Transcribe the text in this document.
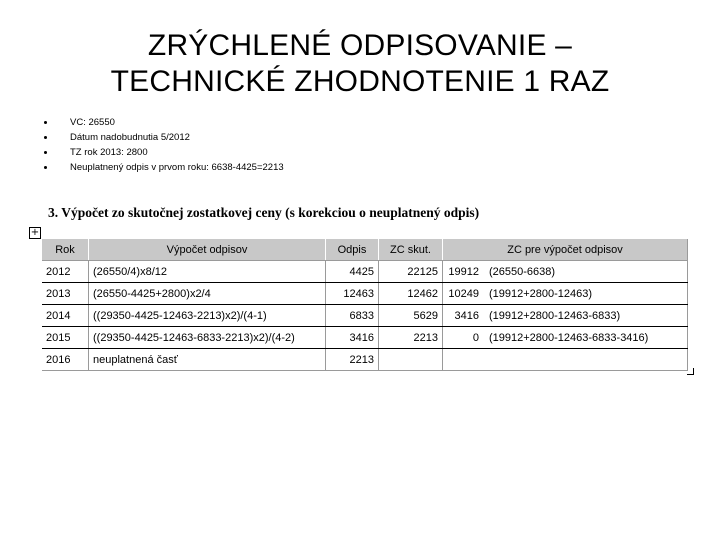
ZRÝCHLENÉ ODPISOVANIE –
TECHNICKÉ ZHODNOTENIE 1 RAZ
VC: 26550
Dátum nadobudnutia 5/2012
TZ rok 2013: 2800
Neuplatnený odpis v prvom roku: 6638-4425=2213
3. Výpočet zo skutočnej zostatkovej ceny (s korekciou o neuplatnený odpis)
+
Rok	Výpočet odpisov	Odpis	ZC skut.	ZC pre výpočet odpisov
2012	(26550/4)x8/12	4425	22125	19912 (26550-6638)

2013	(26550-4425+2800)x2/4	12463	12462	10249 (19912+2800-12463)

2014	((29350-4425-12463-2213)x2)/(4-1)	6833	5629	3416 (19912+2800-12463-6833)

2015	((29350-4425-12463-6833-2213)x2)/(4-2)	3416	2213	0 (19912+2800-12463-6833-3416)

2016	neuplatnená časť	2213		
